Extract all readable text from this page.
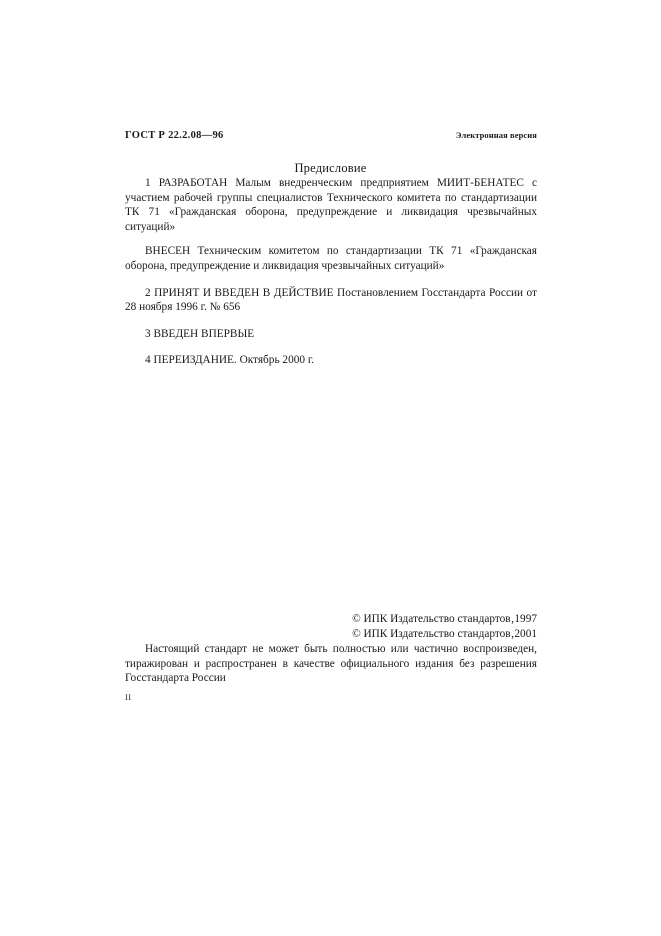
ГОСТ Р 22.2.08—96	Электронная версия
Предисловие

1 РАЗРАБОТАН Малым внедренческим предприятием МИИТ-БЕНАТЕС с участием рабочей группы специалистов Технического комитета по стандартизации ТК 71 «Гражданская оборона, предупреждение и ликвидация чрезвычайных ситуаций»

ВНЕСЕН Техническим комитетом по стандартизации ТК 71 «Гражданская оборона, предупреждение и ликвидация чрезвычайных ситуаций»

2 ПРИНЯТ И ВВЕДЕН В ДЕЙСТВИЕ Постановлением Госстандарта России от 28 ноября 1996 г. № 656

3 ВВЕДЕН ВПЕРВЫЕ

4 ПЕРЕИЗДАНИЕ. Октябрь 2000 г.

© ИПК Издательство стандартов‚1997
© ИПК Издательство стандартов‚2001

Настоящий стандарт не может быть полностью или частично воспроизведен, тиражирован и распространен в качестве официального издания без разрешения Госстандарта России

II
